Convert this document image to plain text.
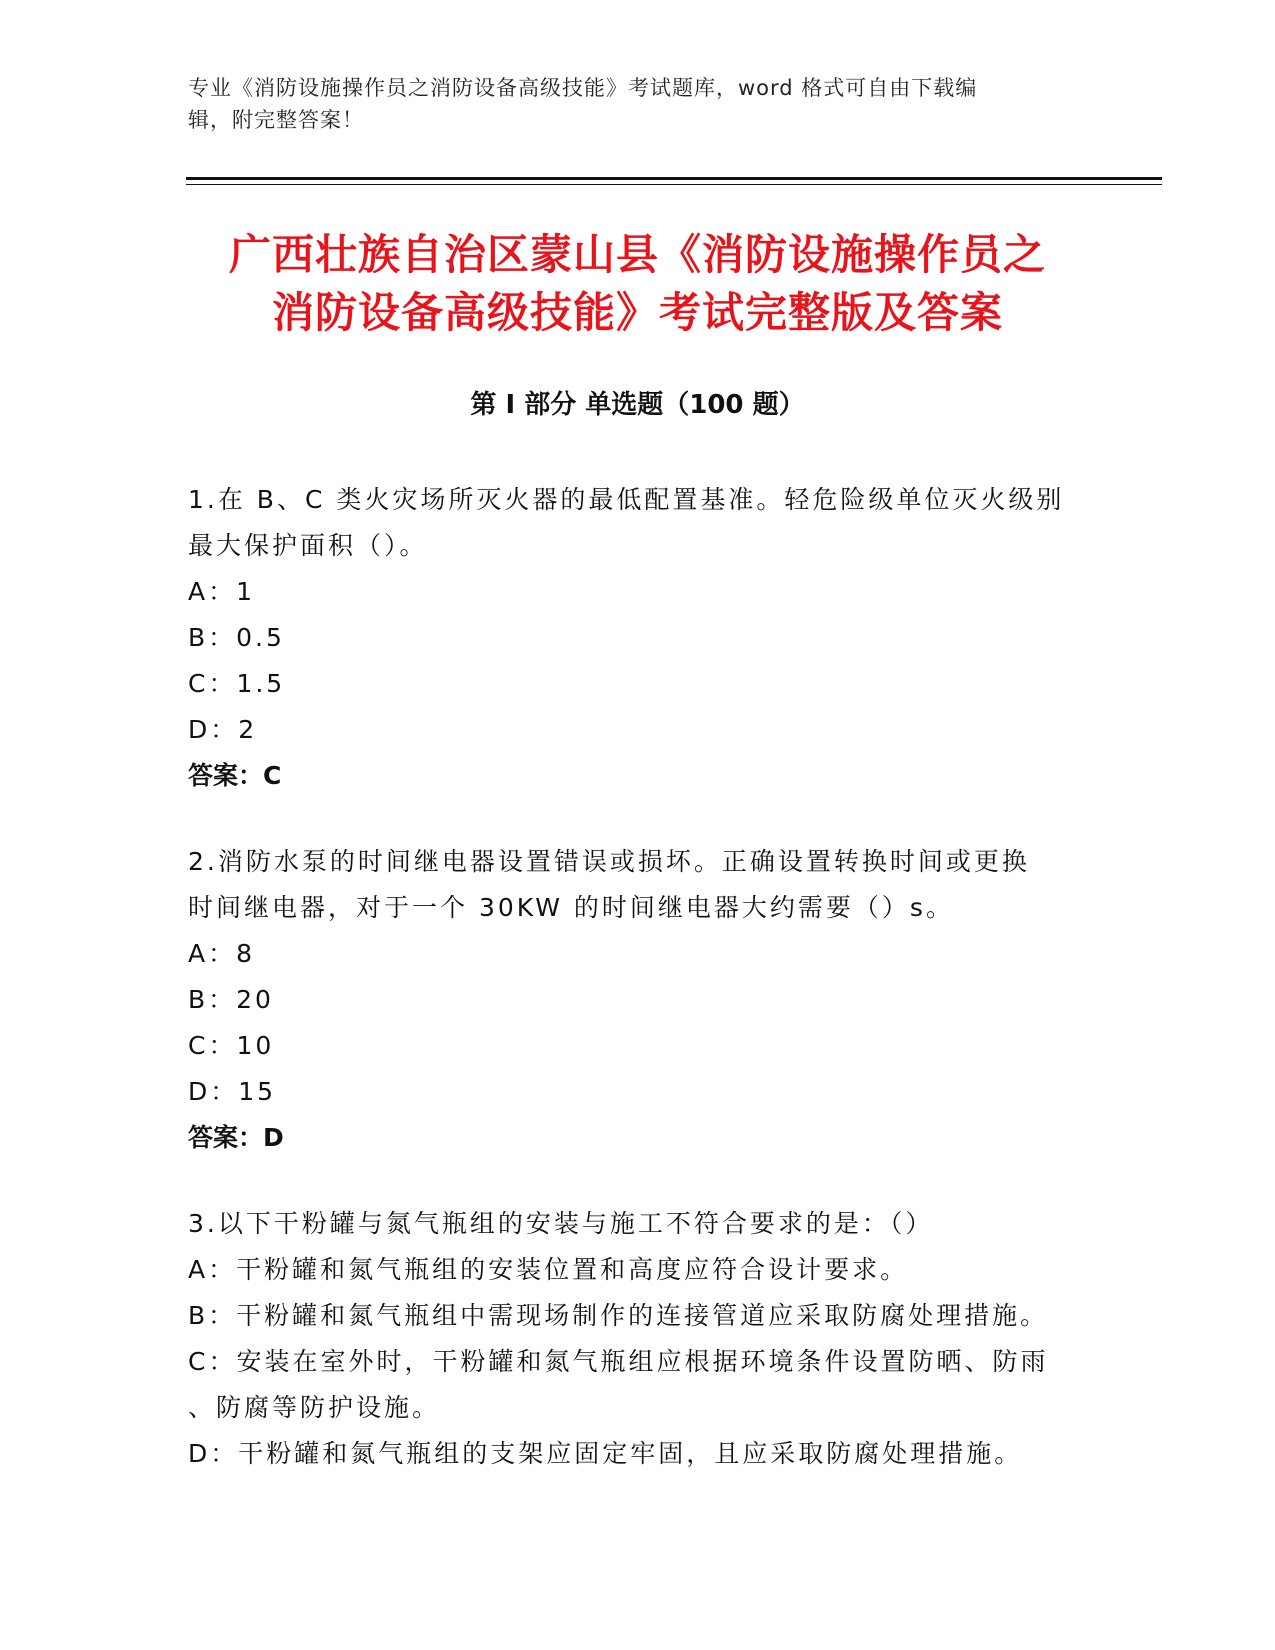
专业《消防设施操作员之消防设备高级技能》考试题库，word 格式可自由下载编
辑，附完整答案！
广西壮族自治区蒙山县《消防设施操作员之
消防设备高级技能》考试完整版及答案
第 I 部分 单选题（100 题）
1.在 B、C 类火灾场所灭火器的最低配置基准。轻危险级单位灭火级别
最大保护面积（）。
A：1
B：0.5
C：1.5
D：2
答案：C
2.消防水泵的时间继电器设置错误或损坏。正确设置转换时间或更换
时间继电器，对于一个 30KW 的时间继电器大约需要（）s。
A：8
B：20
C：10
D：15
答案：D
3.以下干粉罐与氮气瓶组的安装与施工不符合要求的是：（）
A：干粉罐和氮气瓶组的安装位置和高度应符合设计要求。
B：干粉罐和氮气瓶组中需现场制作的连接管道应采取防腐处理措施。
C：安装在室外时，干粉罐和氮气瓶组应根据环境条件设置防晒、防雨
、防腐等防护设施。
D：干粉罐和氮气瓶组的支架应固定牢固，且应采取防腐处理措施。
